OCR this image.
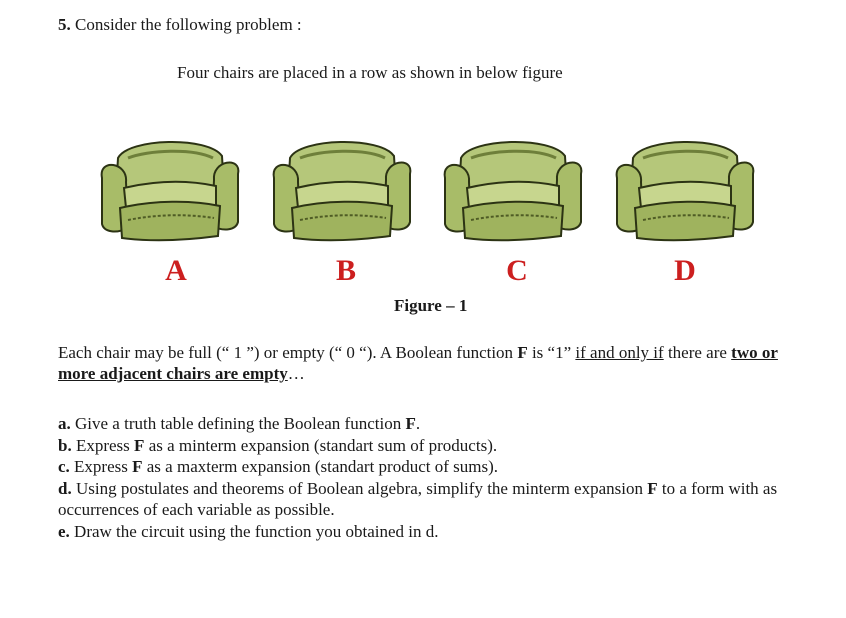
5. Consider the following problem :
Four chairs are placed in a row as shown in below figure
A	B	C	D
Figure – 1
Each chair may be full (“ 1 ”) or empty (“ 0 “). A Boolean function F is “1” if and only if there are two or more adjacent chairs are empty…
a. Give a truth table defining the Boolean function F.
b. Express F as a minterm expansion (standart sum of products).
c. Express F as a maxterm expansion (standart product of sums).
d. Using postulates and theorems of Boolean algebra, simplify the minterm expansion F to a form with as occurrences of each variable as possible.
e. Draw the circuit using the function you obtained in d.
